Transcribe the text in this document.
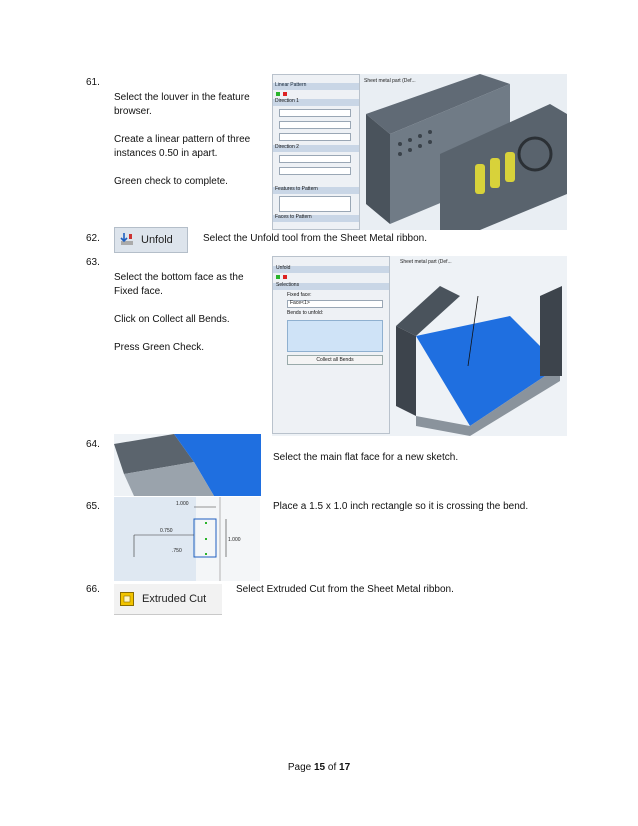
61.
Select the louver in the feature
browser.
Create a linear pattern of three
instances 0.50 in apart.
Green check to complete.
Linear Pattern
Direction 1
Direction 2
Features to Pattern
Faces to Pattern
Sheet metal part (Def...
62.	Unfold	Select the Unfold tool from the Sheet Metal ribbon.
63.
Select the bottom face as the
Fixed face.
Click on Collect all Bends.
Press Green Check.
Unfold
Selections
Fixed face:
Face<1>
Bends to unfold:
Collect all Bends
Sheet metal part (Def...
64.
Select the main flat face for a new sketch.
65.	1.000
0.750
.750
1.000
Place a 1.5 x 1.0 inch rectangle so it is crossing the bend.
66.
Extruded Cut
Select Extruded Cut from the Sheet Metal ribbon.
Page 15 of 17
